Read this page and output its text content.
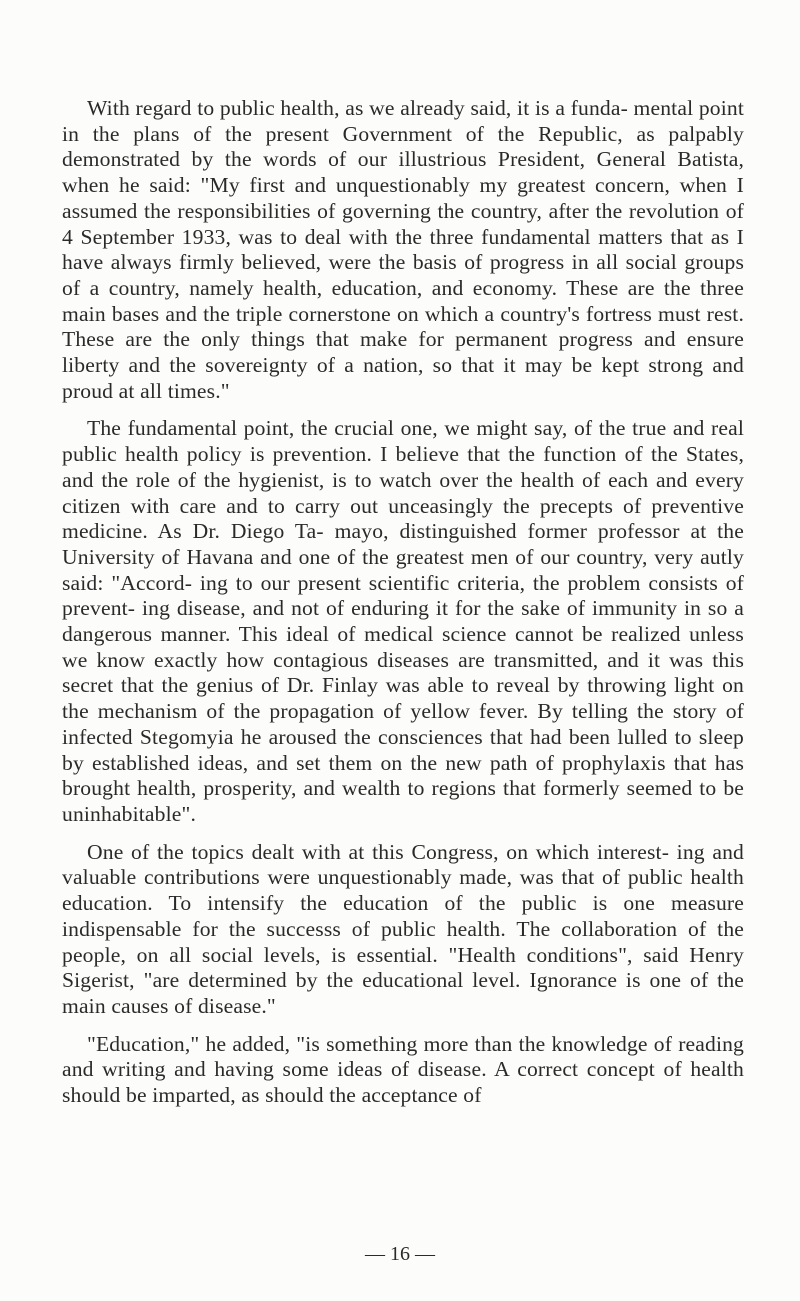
With regard to public health, as we already said, it is a funda- mental point in the plans of the present Government of the Republic, as palpably demonstrated by the words of our illustrious President, General Batista, when he said: "My first and unquestionably my greatest concern, when I assumed the responsibilities of governing the country, after the revolution of 4 September 1933, was to deal with the three fundamental matters that as I have always firmly believed, were the basis of progress in all social groups of a country, namely health, education, and economy. These are the three main bases and the triple cornerstone on which a country's fortress must rest. These are the only things that make for permanent progress and ensure liberty and the sovereignty of a nation, so that it may be kept strong and proud at all times."

The fundamental point, the crucial one, we might say, of the true and real public health policy is prevention. I believe that the function of the States, and the role of the hygienist, is to watch over the health of each and every citizen with care and to carry out unceasingly the precepts of preventive medicine. As Dr. Diego Ta- mayo, distinguished former professor at the University of Havana and one of the greatest men of our country, very autly said: "Accord- ing to our present scientific criteria, the problem consists of prevent- ing disease, and not of enduring it for the sake of immunity in so a dangerous manner. This ideal of medical science cannot be realized unless we know exactly how contagious diseases are transmitted, and it was this secret that the genius of Dr. Finlay was able to reveal by throwing light on the mechanism of the propagation of yellow fever. By telling the story of infected Stegomyia he aroused the consciences that had been lulled to sleep by established ideas, and set them on the new path of prophylaxis that has brought health, prosperity, and wealth to regions that formerly seemed to be uninhabitable".

One of the topics dealt with at this Congress, on which interest- ing and valuable contributions were unquestionably made, was that of public health education. To intensify the education of the public is one measure indispensable for the successs of public health. The collaboration of the people, on all social levels, is essential. "Health conditions", said Henry Sigerist, "are determined by the educational level. Ignorance is one of the main causes of disease."

"Education," he added, "is something more than the knowledge of reading and writing and having some ideas of disease. A correct concept of health should be imparted, as should the acceptance of

— 16 —
